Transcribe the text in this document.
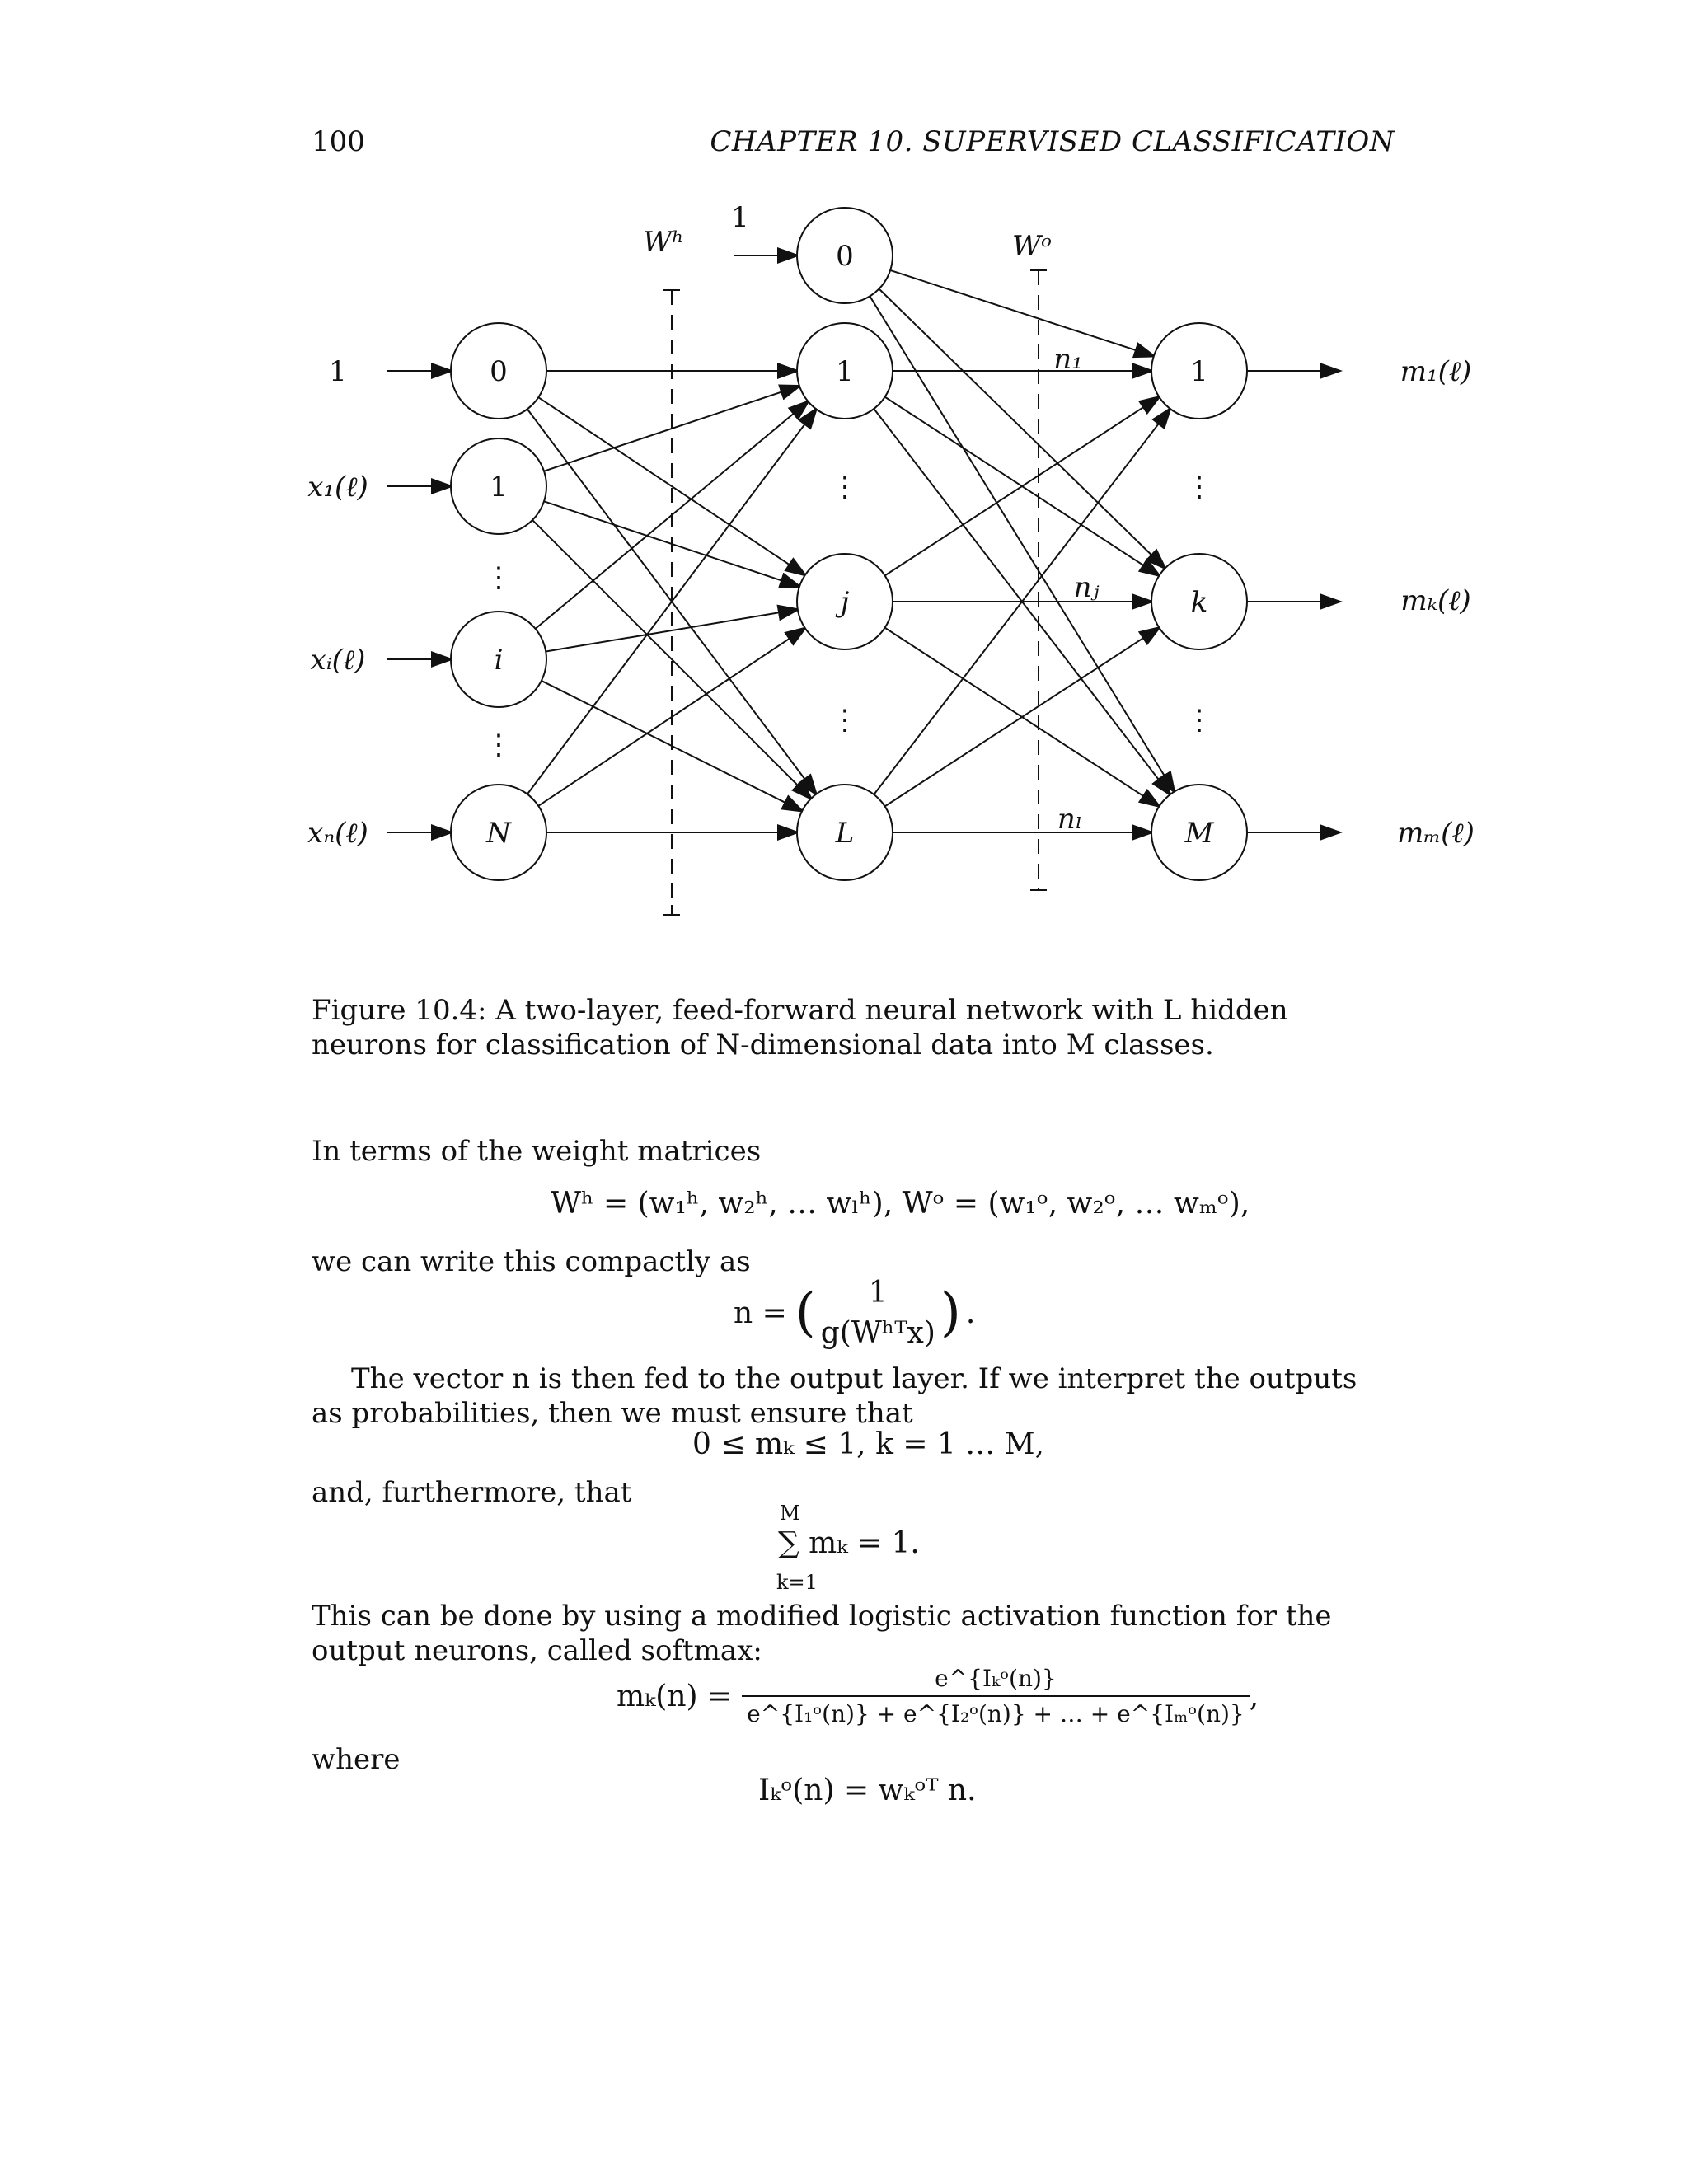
100	CHAPTER 10. SUPERVISED CLASSIFICATION
0
1
i
N
0
1
j
L
1
k
M
1
x₁(ℓ)
xᵢ(ℓ)
xₙ(ℓ)
1
Wʰ	Wᵒ
m₁(ℓ)
mₖ(ℓ)
mₘ(ℓ)
n₁
nⱼ
nₗ
⋮
⋮
⋮
⋮
⋮
⋮
Figure 10.4: A two-layer, feed-forward neural network with L hidden neurons for classification of N-dimensional data into M classes.
In terms of the weight matrices
Wʰ = (w₁ʰ, w₂ʰ, … wₗʰ), Wᵒ = (w₁ᵒ, w₂ᵒ, … wₘᵒ),
we can write this compactly as
n = ( 1
g(Wʰᵀx) ) .
The vector n is then fed to the output layer. If we interpret the outputs as probabilities, then we must ensure that
0 ≤ mₖ ≤ 1, k = 1 … M,
and, furthermore, that
M
∑ mₖ = 1.
k=1
This can be done by using a modified logistic activation function for the output neurons, called softmax:
$m_k(n) = \frac{\text{e\textasciicircum{}\{Iₖᵒ(n)\}}}{\text{e\textasciicircum{}\{I₁ᵒ(n)\} + e\textasciicircum{}\{I₂ᵒ(n)\} + … + e\textasciicircum{}\{Iₘᵒ(n)\}}}$ ,
where
Iₖᵒ(n) = wₖᵒᵀ n.
